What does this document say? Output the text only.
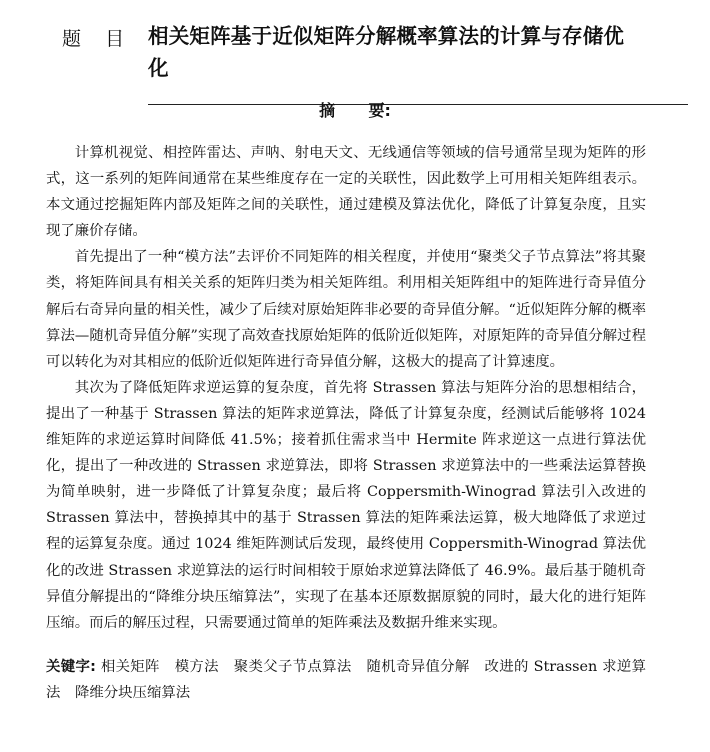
题    目 相关矩阵基于近似矩阵分解概率算法的计算与存储优化
摘      要:

计算机视觉、相控阵雷达、声呐、射电天文、无线通信等领域的信号通常呈现为矩阵的形式，这一系列的矩阵间通常在某些维度存在一定的关联性，因此数学上可用相关矩阵组表示。本文通过挖掘矩阵内部及矩阵之间的关联性，通过建模及算法优化，降低了计算复杂度，且实现了廉价存储。

首先提出了一种“模方法”去评价不同矩阵的相关程度，并使用“聚类父子节点算法”将其聚类，将矩阵间具有相关关系的矩阵归类为相关矩阵组。利用相关矩阵组中的矩阵进行奇异值分解后右奇异向量的相关性，减少了后续对原始矩阵非必要的奇异值分解。“近似矩阵分解的概率算法—随机奇异值分解”实现了高效查找原始矩阵的低阶近似矩阵，对原矩阵的奇异值分解过程可以转化为对其相应的低阶近似矩阵进行奇异值分解，这极大的提高了计算速度。

其次为了降低矩阵求逆运算的复杂度，首先将 Strassen 算法与矩阵分治的思想相结合，提出了一种基于 Strassen 算法的矩阵求逆算法，降低了计算复杂度，经测试后能够将 1024 维矩阵的求逆运算时间降低 41.5%；接着抓住需求当中 Hermite 阵求逆这一点进行算法优化，提出了一种改进的 Strassen 求逆算法，即将 Strassen 求逆算法中的一些乘法运算替换为简单映射，进一步降低了计算复杂度；最后将 Coppersmith-Winograd 算法引入改进的 Strassen 算法中，替换掉其中的基于 Strassen 算法的矩阵乘法运算，极大地降低了求逆过程的运算复杂度。通过 1024 维矩阵测试后发现，最终使用 Coppersmith-Winograd 算法优化的改进 Strassen 求逆算法的运行时间相较于原始求逆算法降低了 46.9%。最后基于随机奇异值分解提出的“降维分块压缩算法”，实现了在基本还原数据原貌的同时，最大化的进行矩阵压缩。而后的解压过程，只需要通过简单的矩阵乘法及数据升维来实现。

关键字: 相关矩阵 模方法 聚类父子节点算法 随机奇异值分解 改进的 Strassen 求逆算法 降维分块压缩算法
